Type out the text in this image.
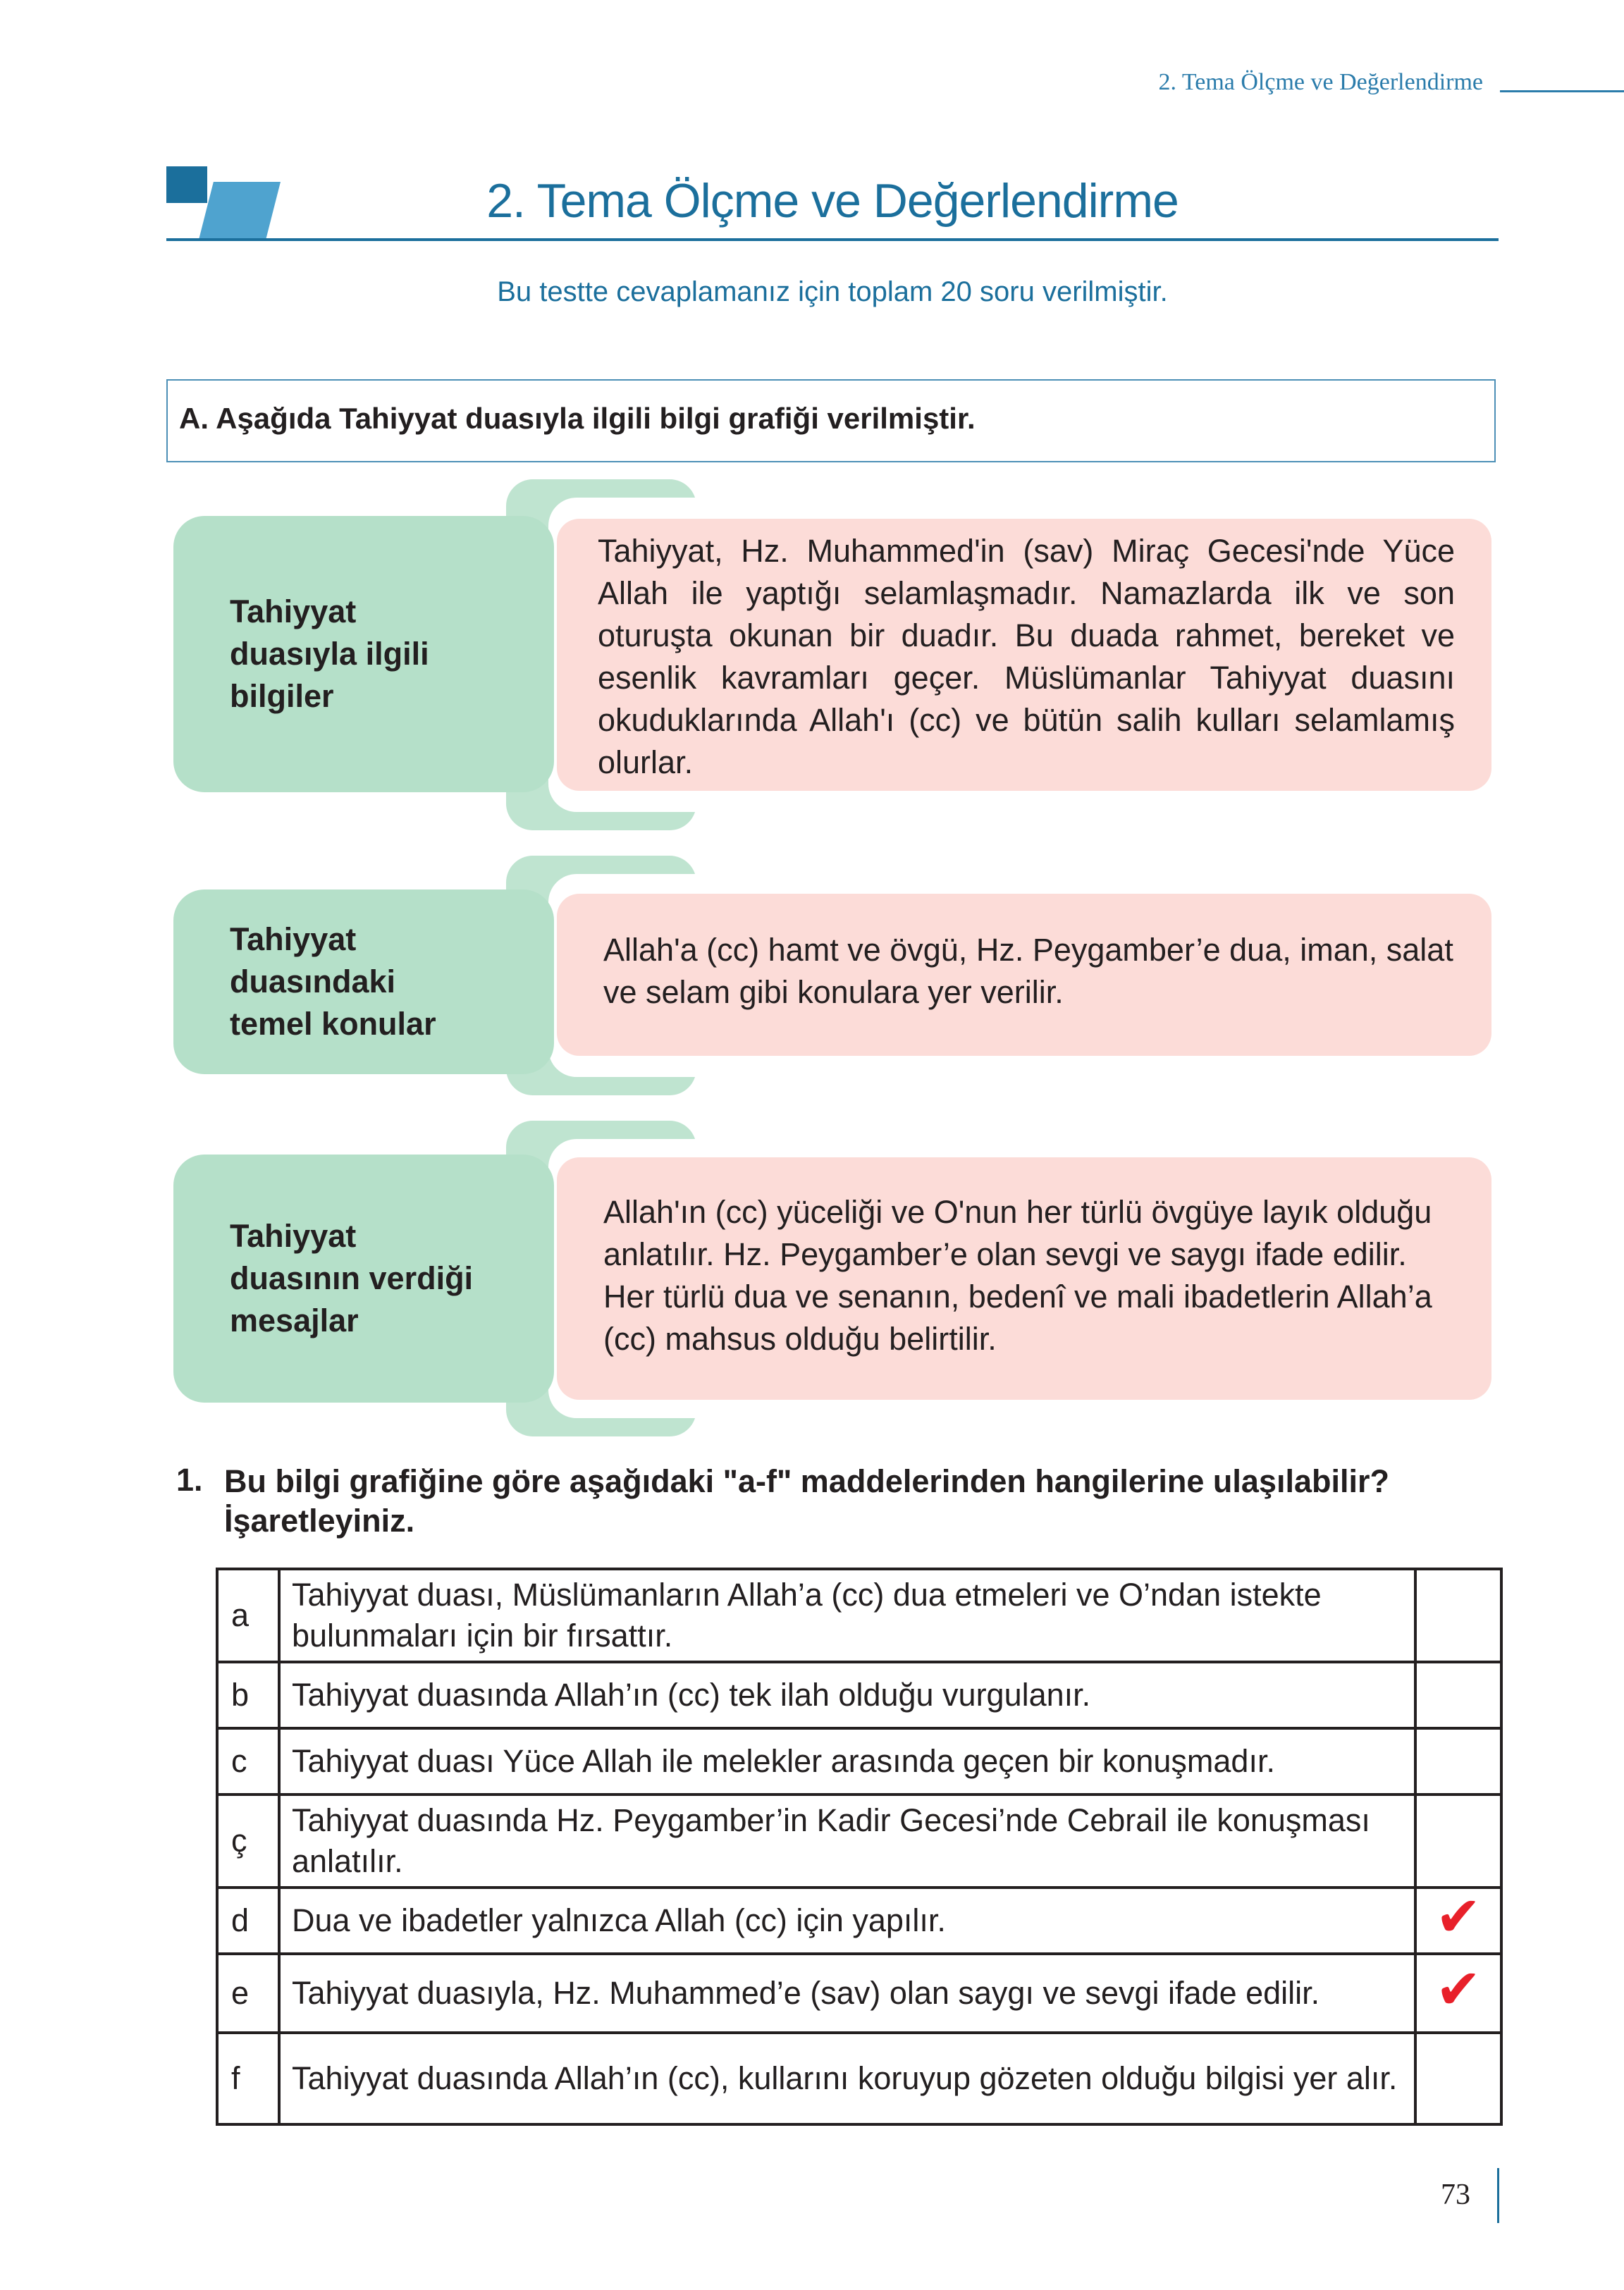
2. Tema Ölçme ve Değerlendirme
2. Tema Ölçme ve Değerlendirme
Bu testte cevaplamanız için toplam 20 soru verilmiştir.
A. Aşağıda Tahiyyat duasıyla ilgili bilgi grafiği verilmiştir.
Tahiyyat
duasıyla ilgili
bilgiler

Tahiyyat, Hz. Muhammed'in (sav) Miraç Gecesi'nde Yüce Allah ile yaptığı selamlaşmadır. Namazlarda ilk ve son oturuşta okunan bir duadır. Bu duada rahmet, bereket ve esenlik kavramları geçer. Müslümanlar Tahiyyat duasını okuduklarında Allah'ı (cc) ve bütün salih kulları selamlamış olurlar.

Tahiyyat
duasındaki
temel konular

Allah'a (cc) hamt ve övgü, Hz. Peygamber’e dua, iman, salat ve selam gibi konulara yer verilir.

Tahiyyat
duasının verdiği
mesajlar

Allah'ın (cc) yüceliği ve O'nun her türlü övgüye layık olduğu anlatılır. Hz. Peygamber’e olan sevgi ve saygı ifade edilir. Her türlü dua ve senanın, bedenî ve mali ibadetlerin Allah’a (cc) mahsus olduğu belirtilir.

1. Bu bilgi grafiğine göre aşağıdaki "a-f" maddelerinden hangilerine ulaşılabilir? İşaretleyiniz.
a	Tahiyyat duası, Müslümanların Allah’a (cc) dua etmeleri ve O’ndan istekte bulunmaları için bir fırsattır.	
b	Tahiyyat duasında Allah’ın (cc) tek ilah olduğu vurgulanır.	
c	Tahiyyat duası Yüce Allah ile melekler arasında geçen bir konuşmadır.	
ç	Tahiyyat duasında Hz. Peygamber’in Kadir Gecesi’nde Cebrail ile konuşması anlatılır.	
d	Dua ve ibadetler yalnızca Allah (cc) için yapılır.	✔
e	Tahiyyat duasıyla, Hz. Muhammed’e (sav) olan saygı ve sevgi ifade edilir.	✔
f	Tahiyyat duasında Allah’ın (cc), kullarını koruyup gözeten olduğu bilgisi yer alır.	
73
